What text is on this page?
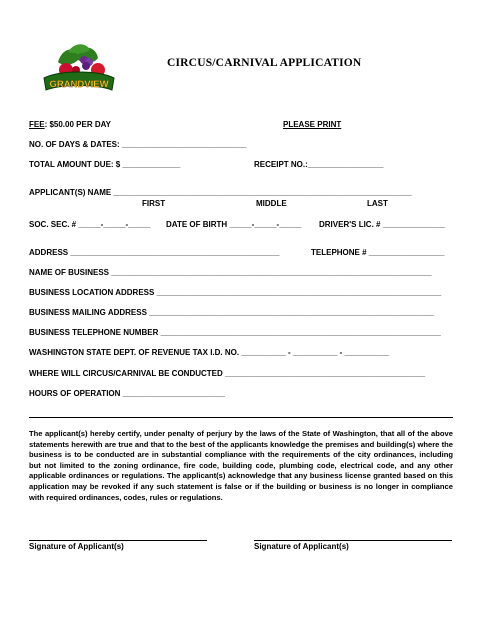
GRANDVIEW
CIRCUS/CARNIVAL APPLICATION
FEE: $50.00 PER DAY	PLEASE PRINT
NO. OF DAYS & DATES: ____________________________
TOTAL AMOUNT DUE: $ _____________	RECEIPT NO.:_________________
APPLICANT(S) NAME ___________________________________________________________________
FIRST	MIDDLE	LAST
SOC. SEC. # _____-_____-_____ DATE OF BIRTH _____-_____-_____ DRIVER'S LIC. # ______________
ADDRESS _______________________________________________	TELEPHONE # _________________
NAME OF BUSINESS ________________________________________________________________________
BUSINESS LOCATION ADDRESS ________________________________________________________________
BUSINESS MAILING ADDRESS ________________________________________________________________
BUSINESS TELEPHONE NUMBER _______________________________________________________________
WASHINGTON STATE DEPT. OF REVENUE TAX I.D. NO. __________ - __________ - __________
WHERE WILL CIRCUS/CARNIVAL BE CONDUCTED _____________________________________________
HOURS OF OPERATION _______________________
The applicant(s) hereby certify, under penalty of perjury by the laws of the State of Washington, that all of the above statements herewith are true and that to the best of the applicants knowledge the premises and building(s) where the business is to be conducted are in substantial compliance with the requirements of the city ordinances, including but not limited to the zoning ordinance, fire code, building code, plumbing code, electrical code, and any other applicable ordinances or regulations. The applicant(s) acknowledge that any business license granted based on this application may be revoked if any such statement is false or if the building or business is no longer in compliance with required ordinances, codes, rules or regulations.
Signature of Applicant(s)	Signature of Applicant(s)
